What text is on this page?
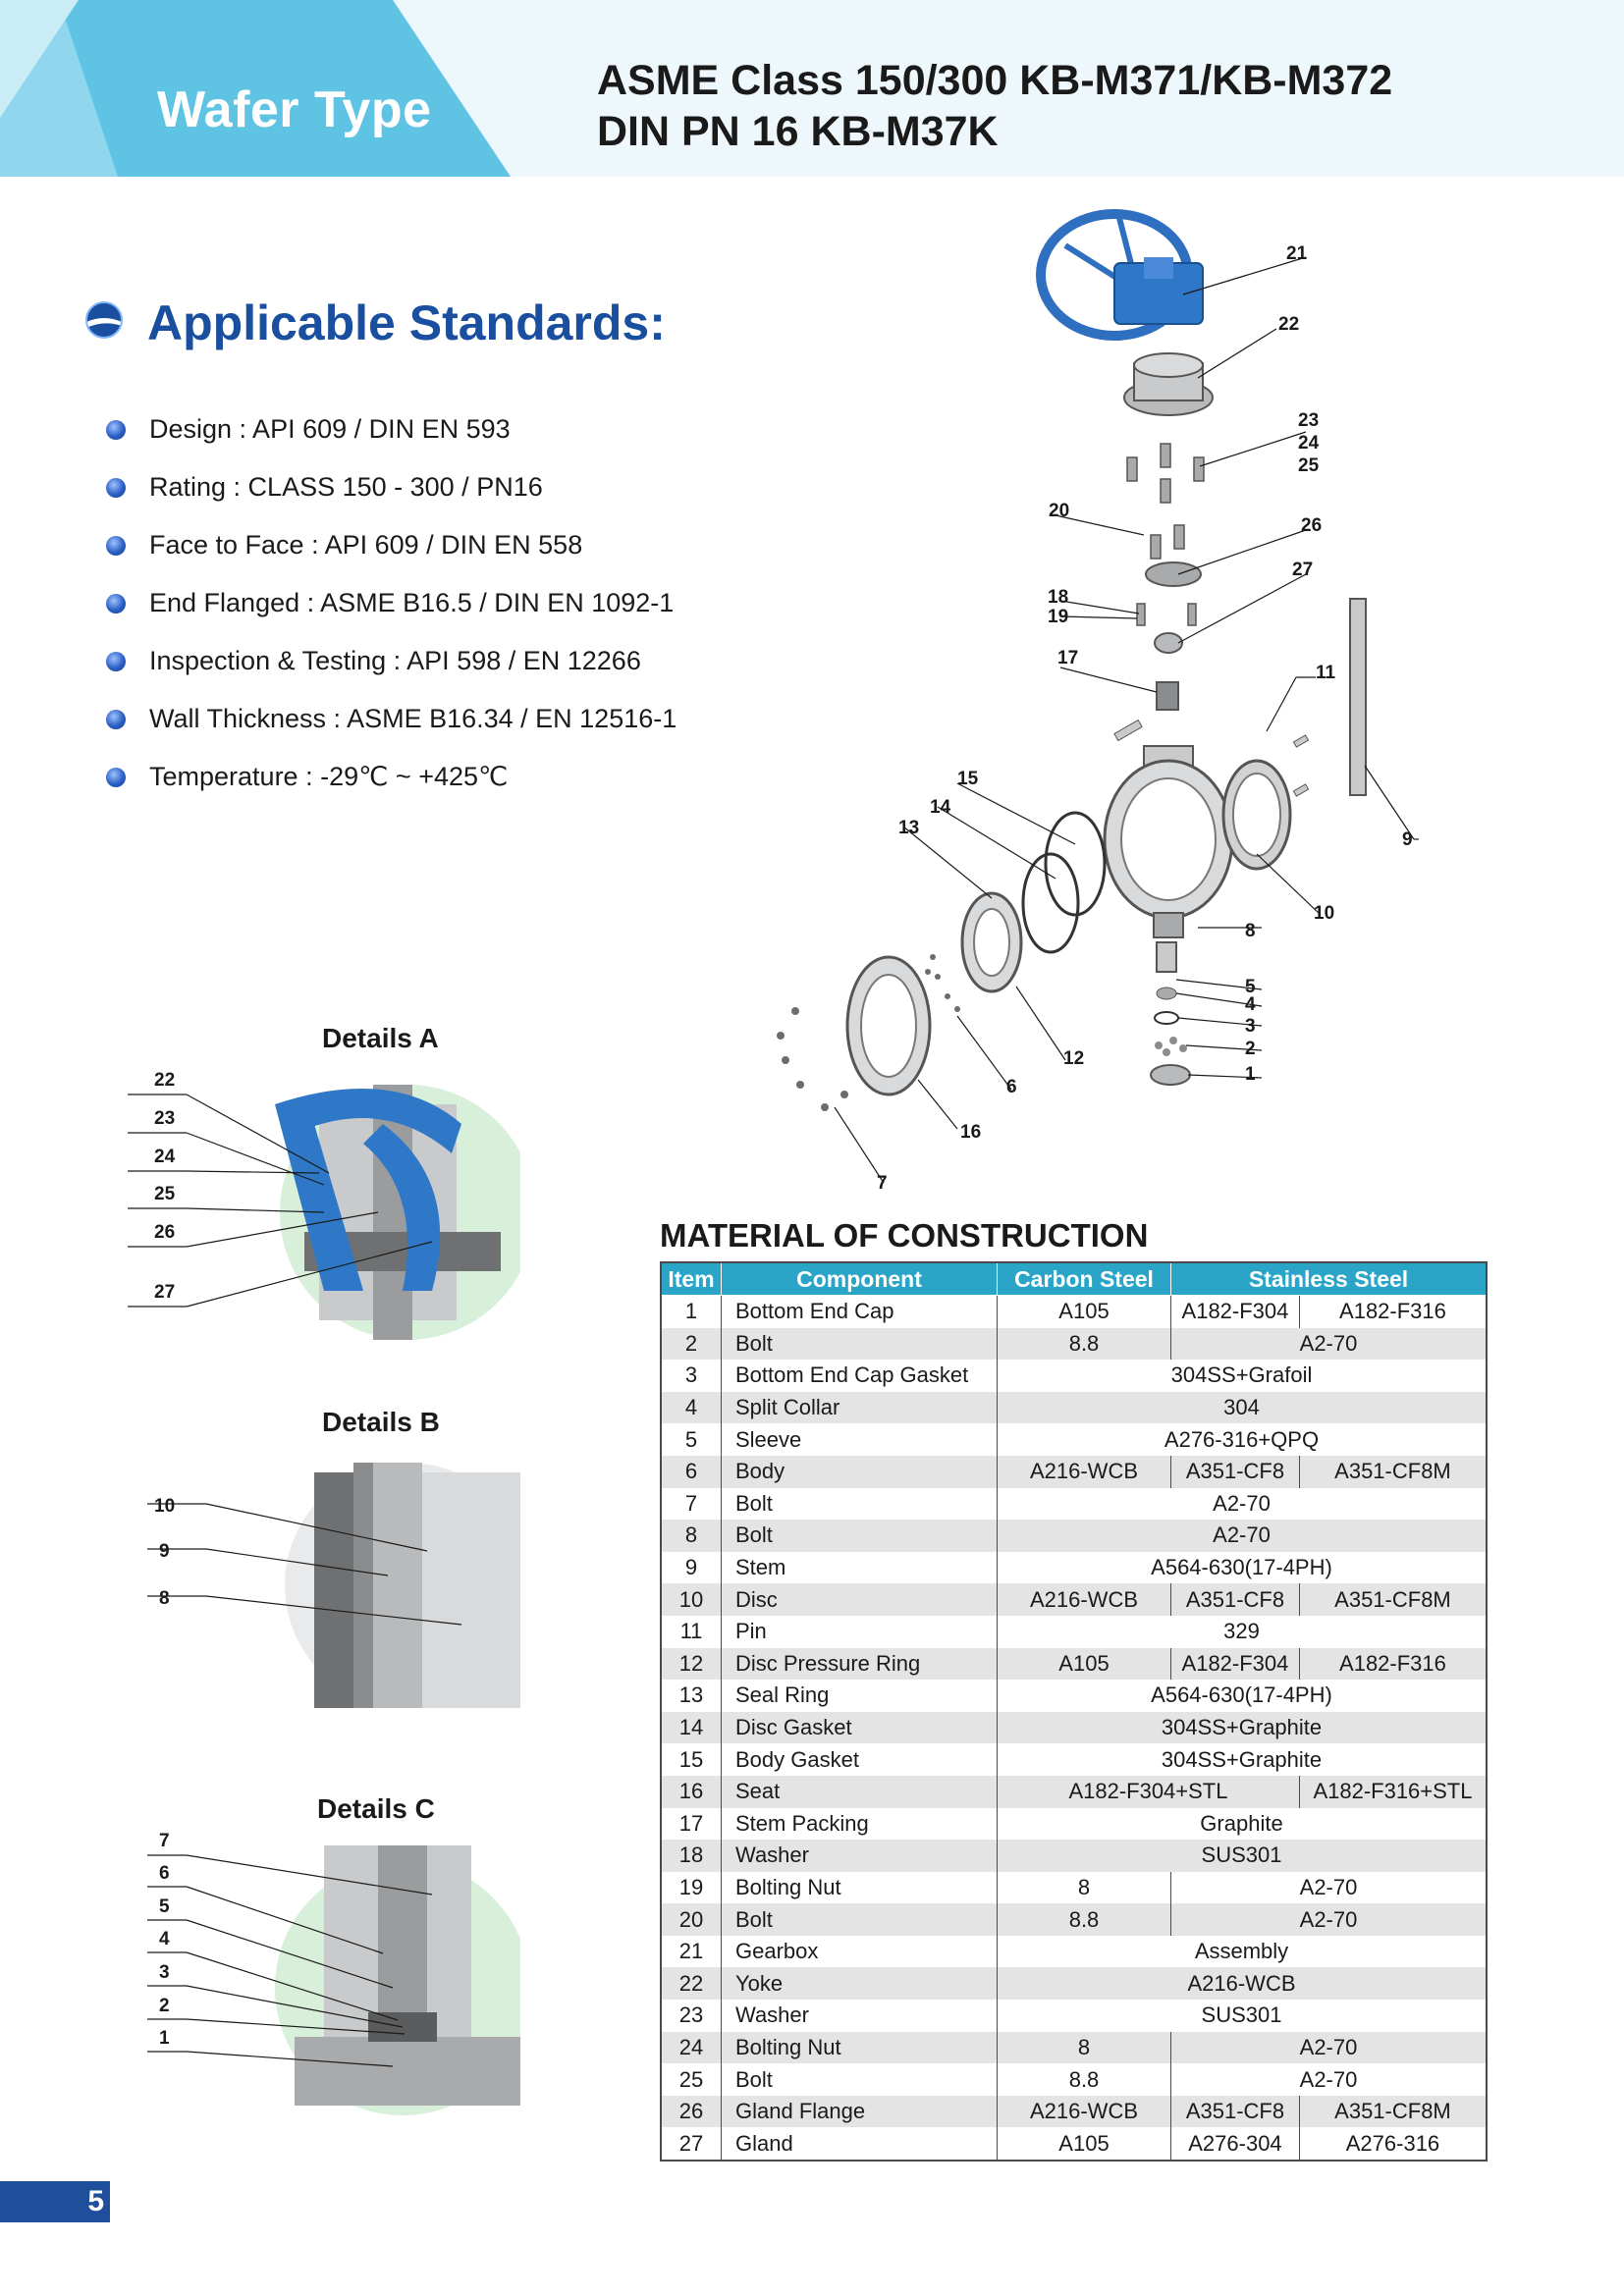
Wafer Type
ASME Class 150/300 KB-M371/KB-M372
DIN PN 16 KB-M37K
Applicable Standards:
Design : API 609 / DIN EN 593
Rating : CLASS 150 - 300 / PN16
Face to Face : API 609 / DIN EN 558
End Flanged : ASME B16.5 / DIN EN 1092-1
Inspection & Testing : API 598 / EN 12266
Wall Thickness : ASME B16.34 / EN 12516-1
Temperature : -29℃ ~ +425℃
Details A
22
23
24
25
26
27
Details B
10
9
8
Details C
7
6
5
4
3
2
1
21
22
23
24
25
20
26
18
19
27
17
11
9
15
14
13
8
10
5
4
3
2
1
12
6
16
7
MATERIAL OF CONSTRUCTION
Item	Component	Carbon Steel	Stainless Steel	
1	Bottom End Cap	A105	A182-F304	A182-F316
2	Bolt	8.8	A2-70	
3	Bottom End Cap Gasket	304SS+Grafoil		
4	Split Collar	304		
5	Sleeve	A276-316+QPQ		
6	Body	A216-WCB	A351-CF8	A351-CF8M
7	Bolt	A2-70		
8	Bolt	A2-70		
9	Stem	A564-630(17-4PH)		
10	Disc	A216-WCB	A351-CF8	A351-CF8M
11	Pin	329		
12	Disc Pressure Ring	A105	A182-F304	A182-F316
13	Seal Ring	A564-630(17-4PH)		
14	Disc Gasket	304SS+Graphite		
15	Body Gasket	304SS+Graphite		
16	Seat	A182-F304+STL		A182-F316+STL
17	Stem Packing	Graphite		
18	Washer	SUS301		
19	Bolting Nut	8	A2-70	
20	Bolt	8.8	A2-70	
21	Gearbox	Assembly		
22	Yoke	A216-WCB		
23	Washer	SUS301		
24	Bolting Nut	8	A2-70	
25	Bolt	8.8	A2-70	
26	Gland Flange	A216-WCB	A351-CF8	A351-CF8M
27	Gland	A105	A276-304	A276-316
5
